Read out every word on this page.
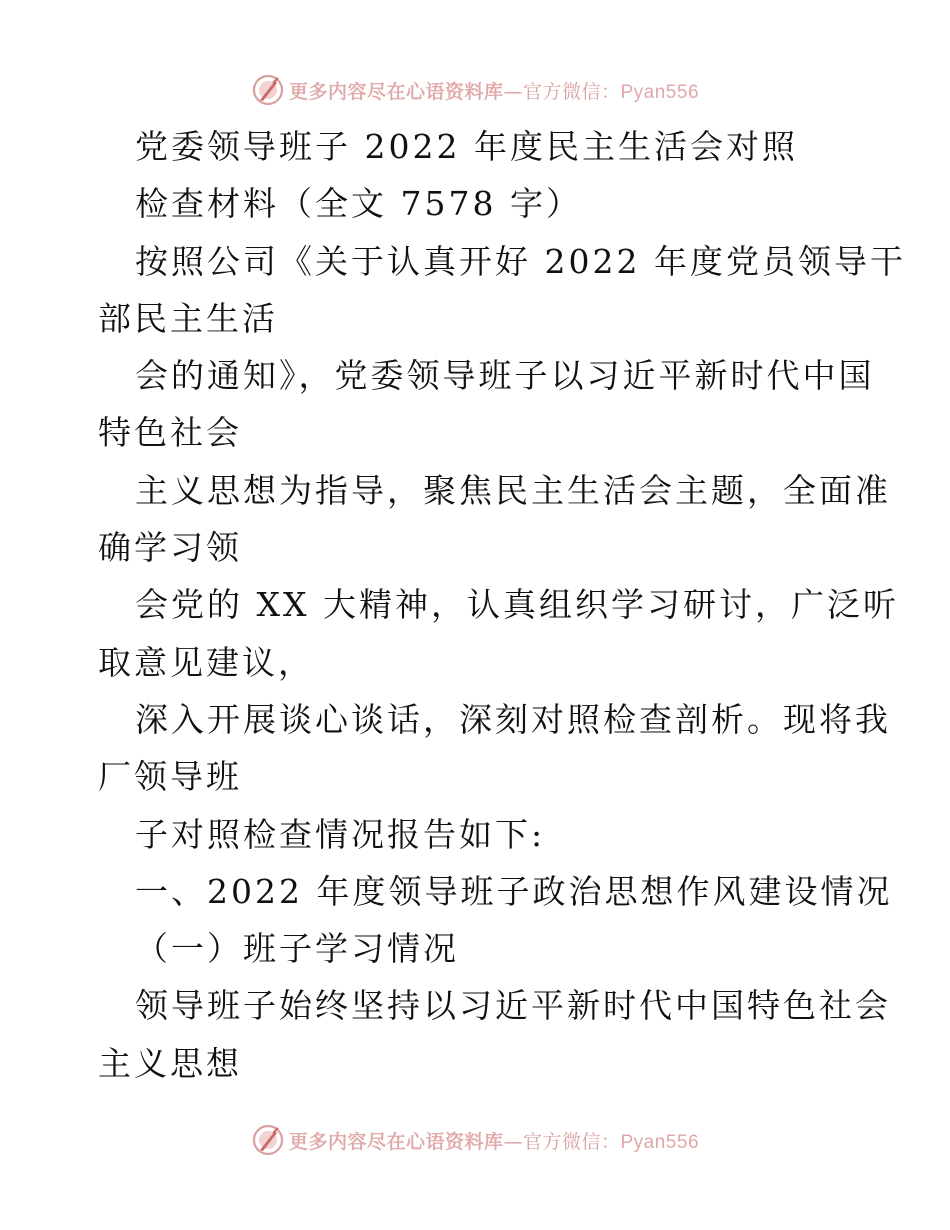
更多内容尽在心语资料库—官方微信：Pyan556
党委领导班子 2022 年度民主生活会对照
检查材料（全文 7578 字）
按照公司《关于认真开好 2022 年度党员领导干
部民主生活
会的通知》，党委领导班子以习近平新时代中国
特色社会
主义思想为指导，聚焦民主生活会主题，全面准
确学习领
会党的 XX 大精神，认真组织学习研讨，广泛听
取意见建议，
深入开展谈心谈话，深刻对照检查剖析。现将我
厂领导班
子对照检查情况报告如下:
一、2022 年度领导班子政治思想作风建设情况
（一）班子学习情况
领导班子始终坚持以习近平新时代中国特色社会
主义思想
更多内容尽在心语资料库—官方微信：Pyan556
